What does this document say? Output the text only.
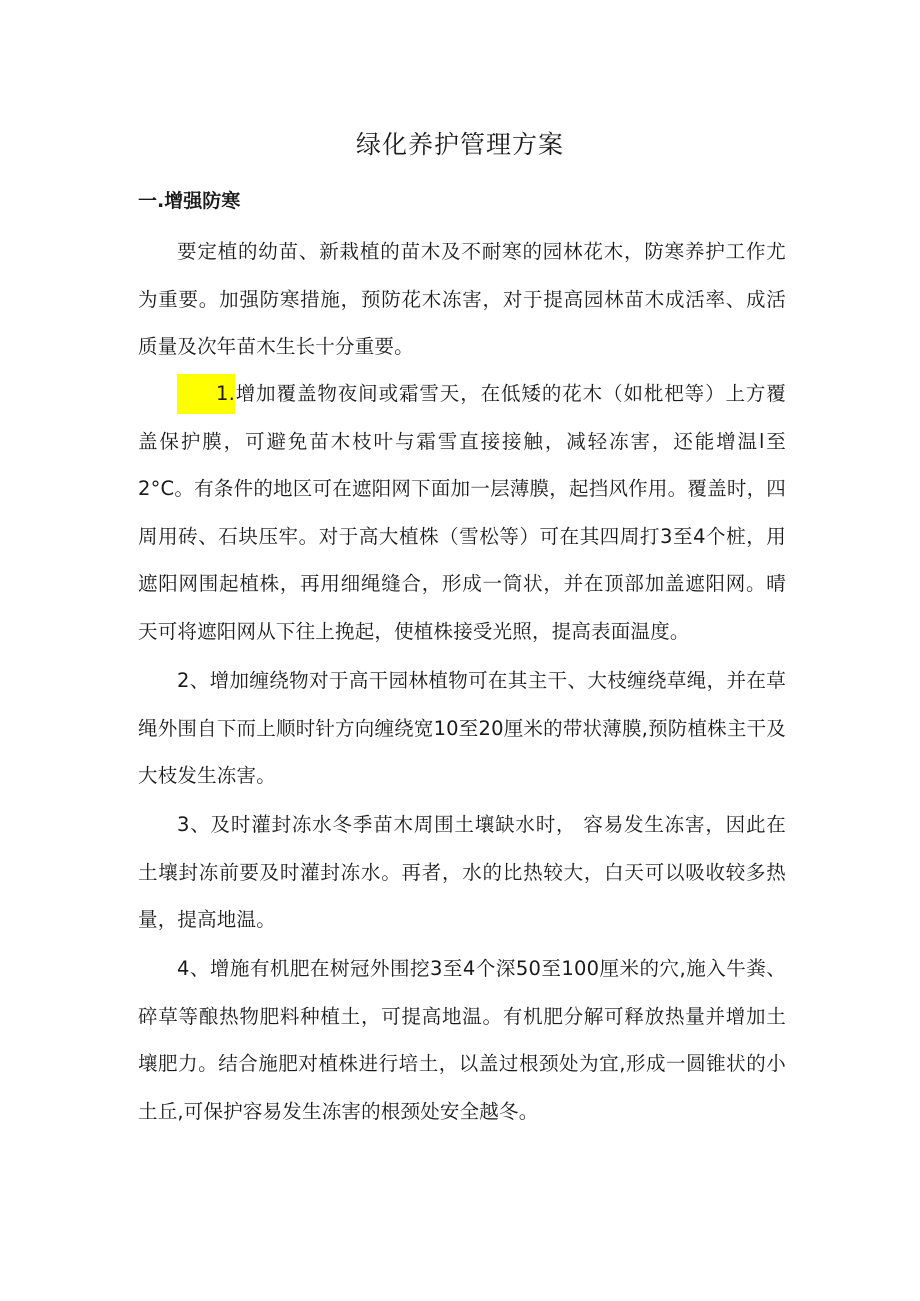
绿化养护管理方案
一.增强防寒

要定植的幼苗、新栽植的苗木及不耐寒的园林花木，防寒养护工作尤为重要。加强防寒措施，预防花木冻害，对于提高园林苗木成活率、成活质量及次年苗木生长十分重要。

1.增加覆盖物夜间或霜雪天，在低矮的花木（如枇杷等）上方覆盖保护膜，可避免苗木枝叶与霜雪直接接触，减轻冻害，还能增温l至2°C。有条件的地区可在遮阳网下面加一层薄膜，起挡风作用。覆盖时，四周用砖、石块压牢。对于高大植株（雪松等）可在其四周打3至4个桩，用遮阳网围起植株，再用细绳缝合，形成一筒状，并在顶部加盖遮阳网。晴天可将遮阳网从下往上挽起，使植株接受光照，提高表面温度。

2、增加缠绕物对于高干园林植物可在其主干、大枝缠绕草绳，并在草绳外围自下而上顺时针方向缠绕宽10至20厘米的带状薄膜,预防植株主干及大枝发生冻害。

3、及时灌封冻水冬季苗木周围土壤缺水时， 容易发生冻害，因此在土壤封冻前要及时灌封冻水。再者，水的比热较大，白天可以吸收较多热量，提高地温。

4、增施有机肥在树冠外围挖3至4个深50至100厘米的穴,施入牛粪、碎草等酿热物肥料种植土，可提高地温。有机肥分解可释放热量并增加土壤肥力。结合施肥对植株进行培土，以盖过根颈处为宜,形成一圆锥状的小土丘,可保护容易发生冻害的根颈处安全越冬。
